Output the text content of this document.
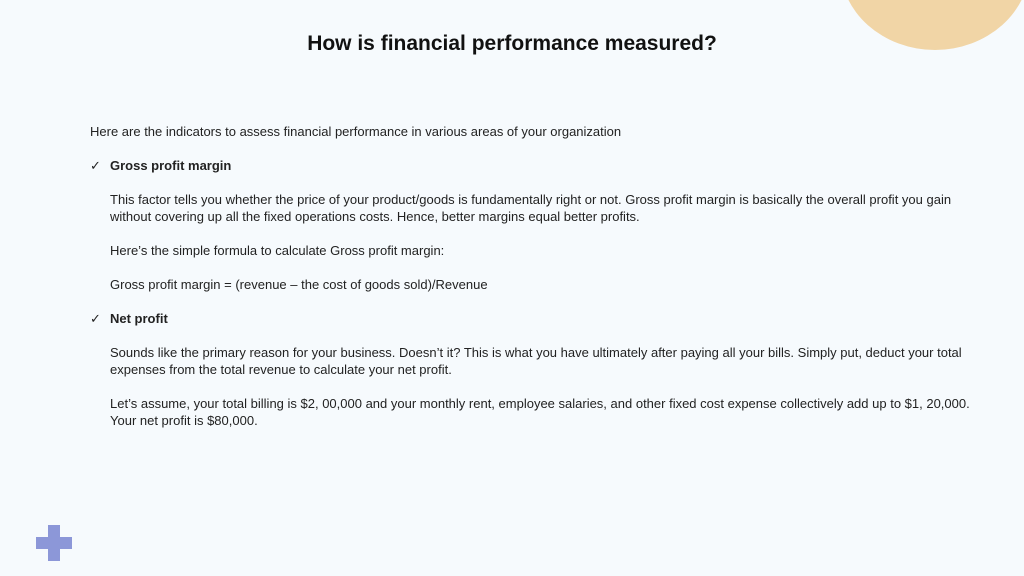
How is financial performance measured?

Here are the indicators to assess financial performance in various areas of your organization

✓ Gross profit margin

This factor tells you whether the price of your product/goods is fundamentally right or not. Gross profit margin is basically the overall profit you gain without covering up all the fixed operations costs. Hence, better margins equal better profits.

Here’s the simple formula to calculate Gross profit margin:

Gross profit margin = (revenue – the cost of goods sold)/Revenue

✓ Net profit

Sounds like the primary reason for your business. Doesn’t it? This is what you have ultimately after paying all your bills. Simply put, deduct your total expenses from the total revenue to calculate your net profit.

Let’s assume, your total billing is $2, 00,000 and your monthly rent, employee salaries, and other fixed cost expense collectively add up to $1, 20,000. Your net profit is $80,000.
